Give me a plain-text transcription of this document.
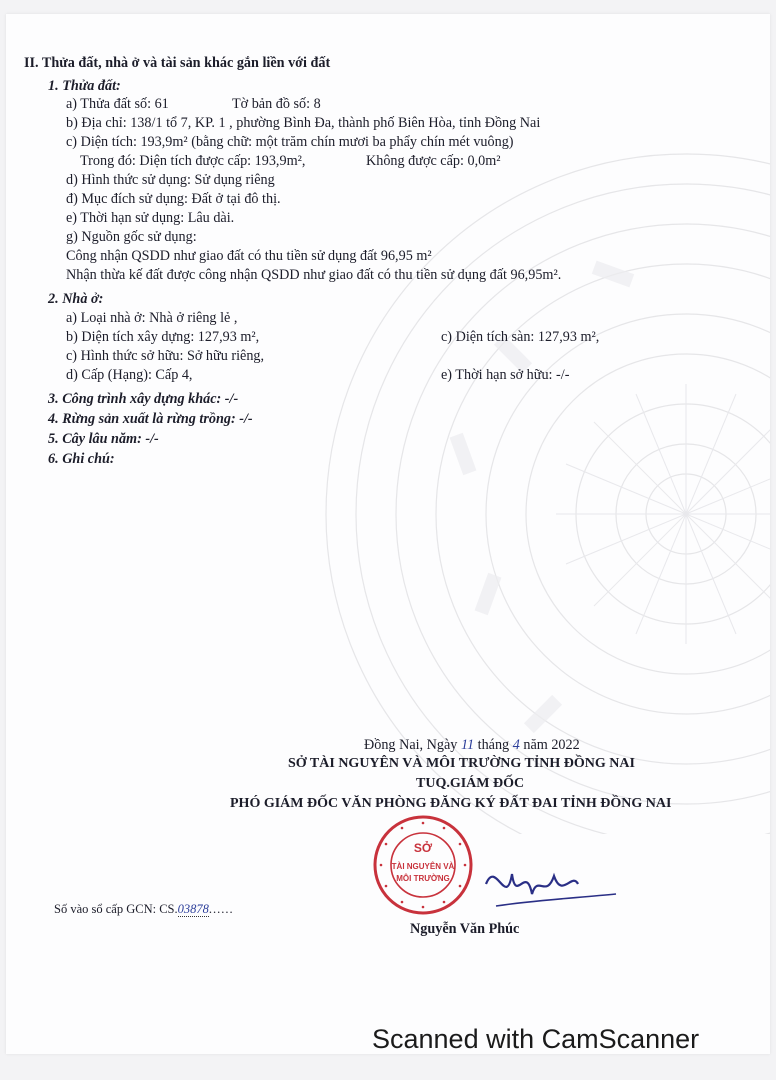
II. Thửa đất, nhà ở và tài sản khác gắn liền với đất
1. Thửa đất:
a) Thửa đất số: 61	Tờ bản đồ số: 8
b) Địa chỉ: 138/1 tổ 7, KP. 1 , phường Bình Đa, thành phố Biên Hòa, tỉnh Đồng Nai
c) Diện tích: 193,9m² (bằng chữ: một trăm chín mươi ba phẩy chín mét vuông)
Trong đó: Diện tích được cấp: 193,9m²,	Không được cấp: 0,0m²
d) Hình thức sử dụng: Sử dụng riêng
đ) Mục đích sử dụng: Đất ở tại đô thị.
e) Thời hạn sử dụng: Lâu dài.
g) Nguồn gốc sử dụng:
Công nhận QSDD như giao đất có thu tiền sử dụng đất 96,95 m²
Nhận thừa kế đất được công nhận QSDD như giao đất có thu tiền sử dụng đất 96,95m².
2. Nhà ở:
a) Loại nhà ở: Nhà ở riêng lẻ ,
b) Diện tích xây dựng: 127,93 m²,	c) Diện tích sàn: 127,93 m²,
c) Hình thức sở hữu: Sở hữu riêng,
d) Cấp (Hạng): Cấp 4,	e) Thời hạn sở hữu: -/-
3. Công trình xây dựng khác: -/-
4. Rừng sản xuất là rừng trồng: -/-
5. Cây lâu năm: -/-
6. Ghi chú:
Đồng Nai, Ngày 11 tháng 4 năm 2022
SỞ TÀI NGUYÊN VÀ MÔI TRƯỜNG TỈNH ĐỒNG NAI
TUQ.GIÁM ĐỐC
PHÓ GIÁM ĐỐC VĂN PHÒNG ĐĂNG KÝ ĐẤT ĐAI TỈNH ĐỒNG NAI
SỞ
TÀI NGUYÊN VÀ
MÔI TRƯỜNG
Nguyễn Văn Phúc
Số vào sổ cấp GCN: CS.03878......
Scanned with CamScanner
